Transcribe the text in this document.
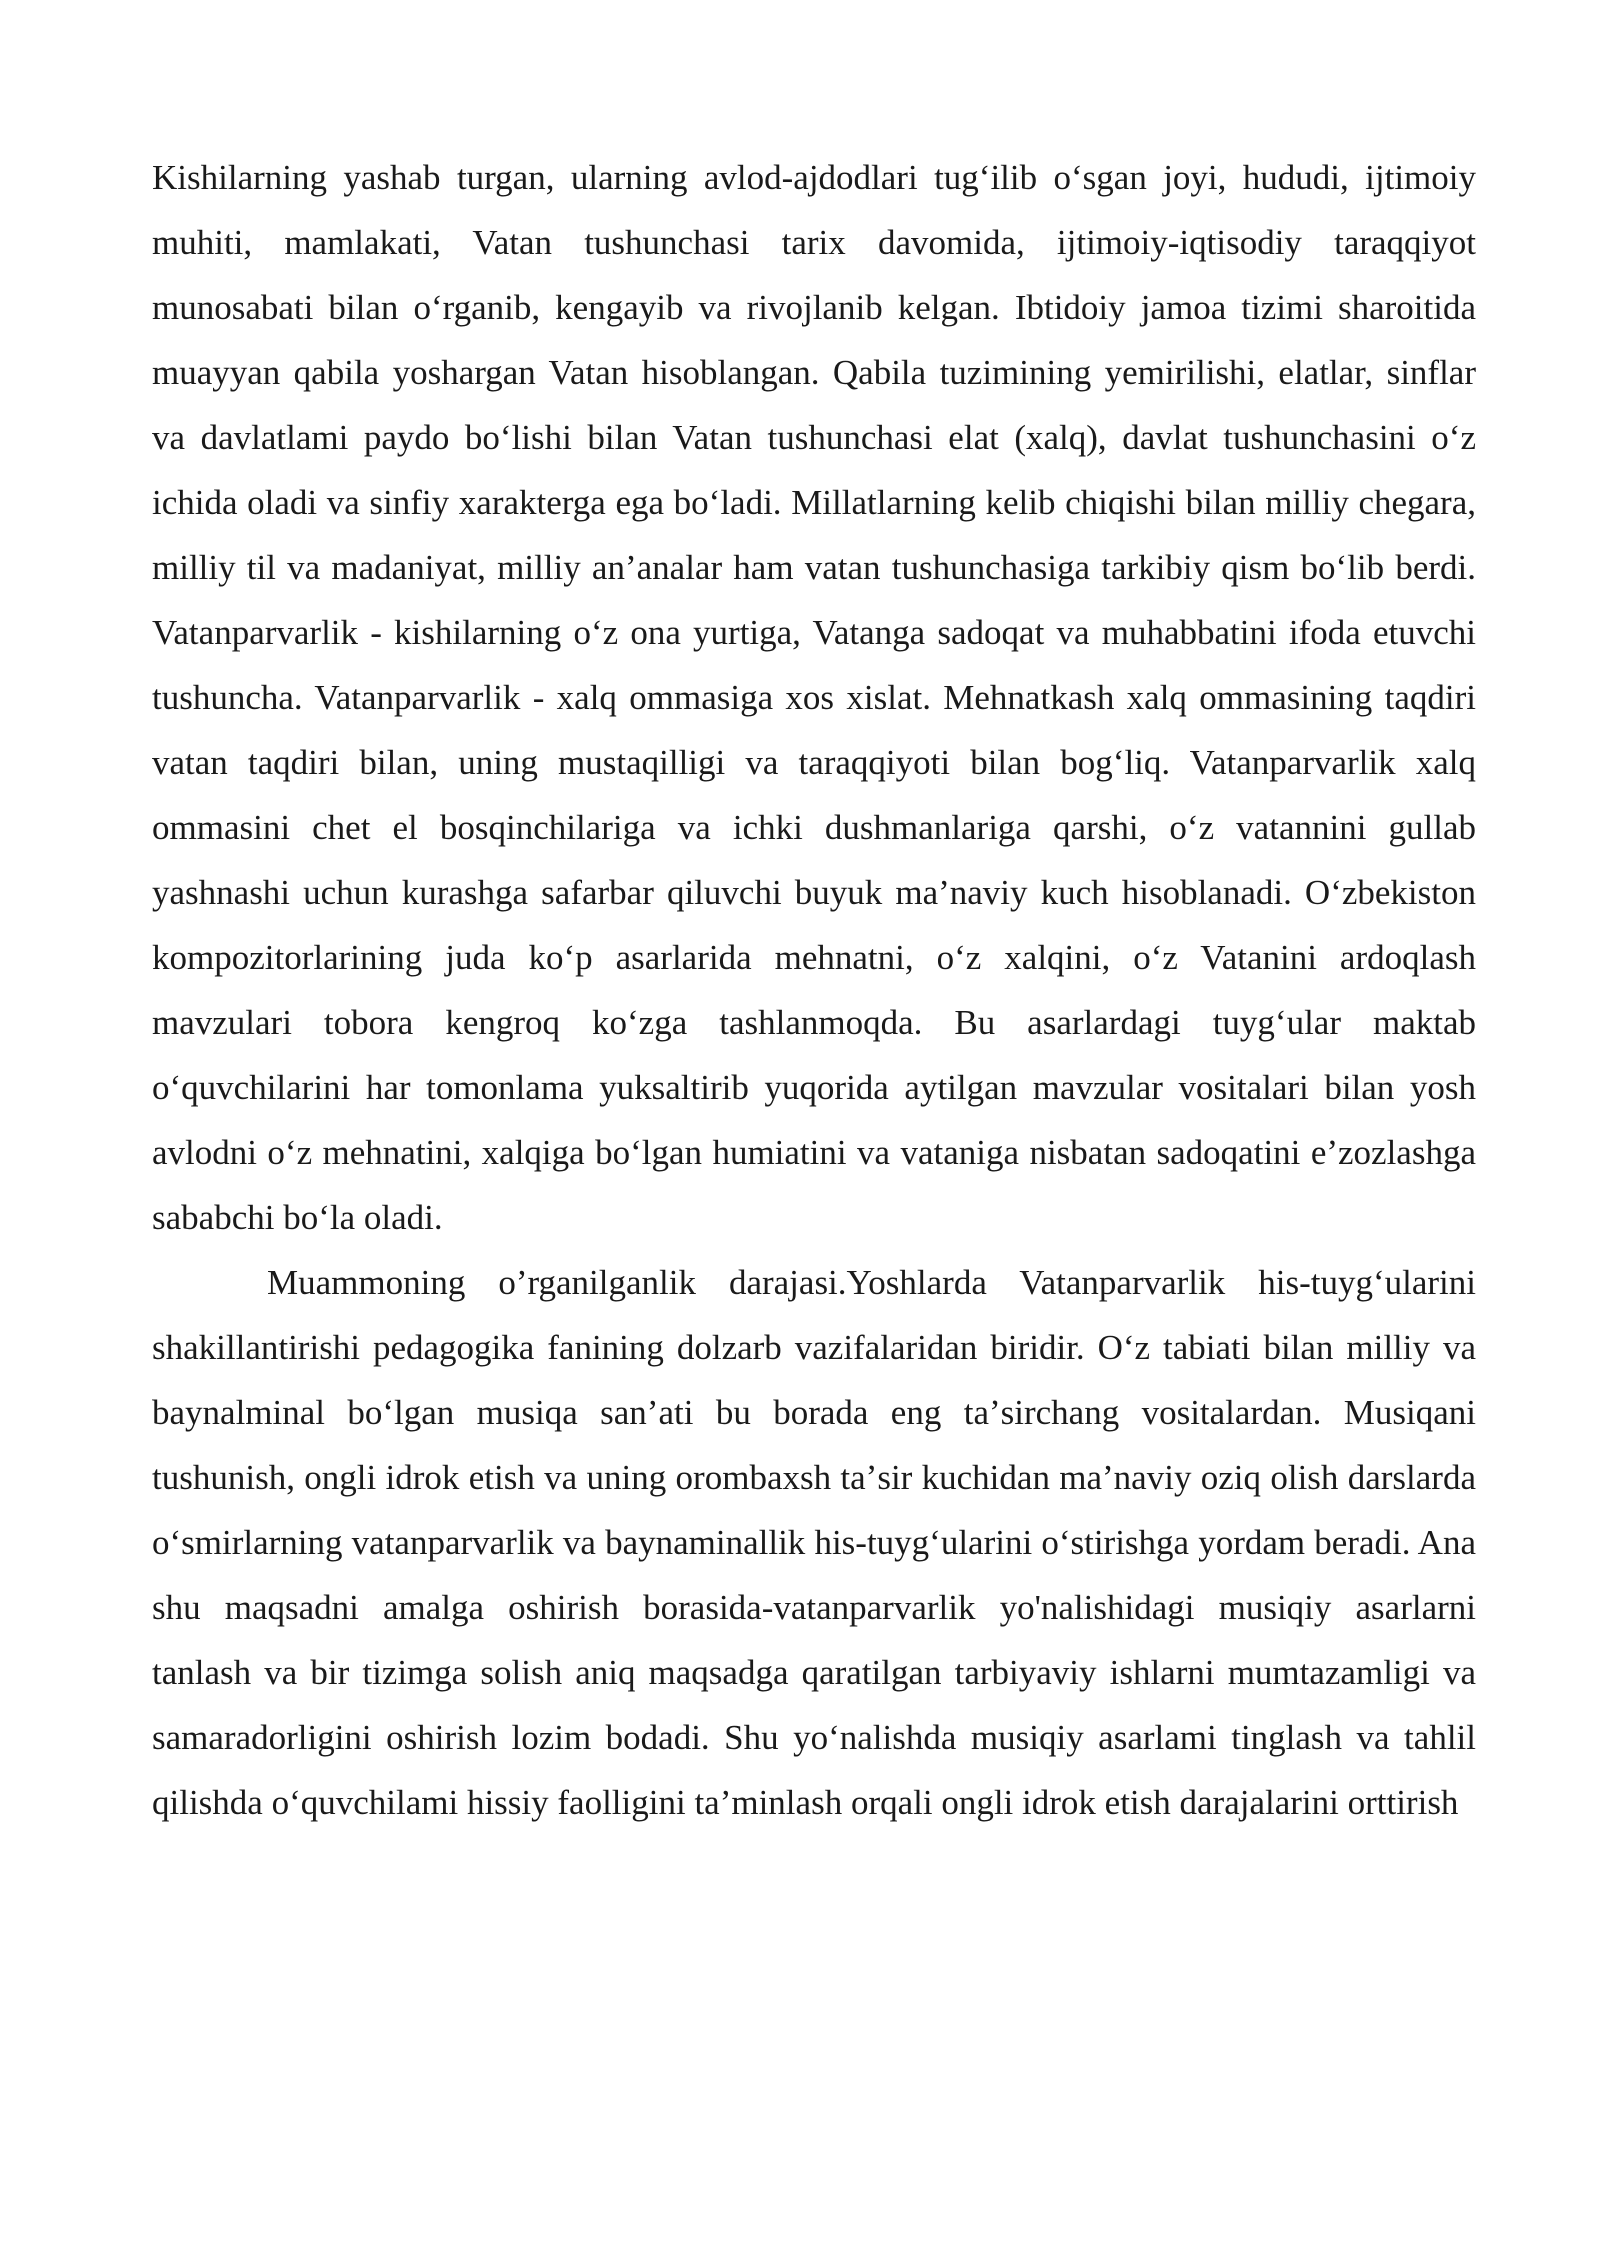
Kishilarning yashab turgan, ularning avlod-ajdodlari tug‘ilib o‘sgan joyi, hududi, ijtimoiy muhiti, mamlakati, Vatan tushunchasi tarix davomida, ijtimoiy-iqtisodiy taraqqiyot munosabati bilan o‘rganib, kengayib va rivojlanib kelgan. Ibtidoiy jamoa tizimi sharoitida muayyan qabila yoshargan Vatan hisoblangan. Qabila tuzimining yemirilishi, elatlar, sinflar va davlatlami paydo bo‘lishi bilan Vatan tushunchasi elat (xalq), davlat tushunchasini o‘z ichida oladi va sinfiy xarakterga ega bo‘ladi. Millatlarning kelib chiqishi bilan milliy chegara, milliy til va madaniyat, milliy an’analar ham vatan tushunchasiga tarkibiy qism bo‘lib berdi. Vatanparvarlik - kishilarning o‘z ona yurtiga, Vatanga sadoqat va muhabbatini ifoda etuvchi tushuncha. Vatanparvarlik - xalq ommasiga xos xislat. Mehnatkash xalq ommasining taqdiri vatan taqdiri bilan, uning mustaqilligi va taraqqiyoti bilan bog‘liq. Vatanparvarlik xalq ommasini chet el bosqinchilariga va ichki dushmanlariga qarshi, o‘z vatannini gullab yashnashi uchun kurashga safarbar qiluvchi buyuk ma’naviy kuch hisoblanadi. O‘zbekiston kompozitorlarining juda ko‘p asarlarida mehnatni, o‘z xalqini, o‘z Vatanini ardoqlash mavzulari tobora kengroq ko‘zga tashlanmoqda. Bu asarlardagi tuyg‘ular maktab o‘quvchilarini har tomonlama yuksaltirib yuqorida aytilgan mavzular vositalari bilan yosh avlodni o‘z mehnatini, xalqiga bo‘lgan humiatini va vataniga nisbatan sadoqatini eʼzozlashga sababchi bo‘la oladi.

Muammoning o’rganilganlik darajasi.Yoshlarda Vatanparvarlik his-tuyg‘ularini shakillantirishi pedagogika fanining dolzarb vazifalaridan biridir. O‘z tabiati bilan milliy va baynalminal bo‘lgan musiqa san’ati bu borada eng taʼsirchang vositalardan. Musiqani tushunish, ongli idrok etish va uning orombaxsh taʼsir kuchidan ma’naviy oziq olish darslarda o‘smirlarning vatanparvarlik va baynaminallik his-tuyg‘ularini o‘stirishga yordam beradi. Ana shu maqsadni amalga oshirish borasida-vatanparvarlik yo'nalishidagi musiqiy asarlarni tanlash va bir tizimga solish aniq maqsadga qaratilgan tarbiyaviy ishlarni mumtazamligi va samaradorligini oshirish lozim bodadi. Shu yo‘nalishda musiqiy asarlami tinglash va tahlil qilishda o‘quvchilami hissiy faolligini ta’minlash orqali ongli idrok etish darajalarini orttirish
